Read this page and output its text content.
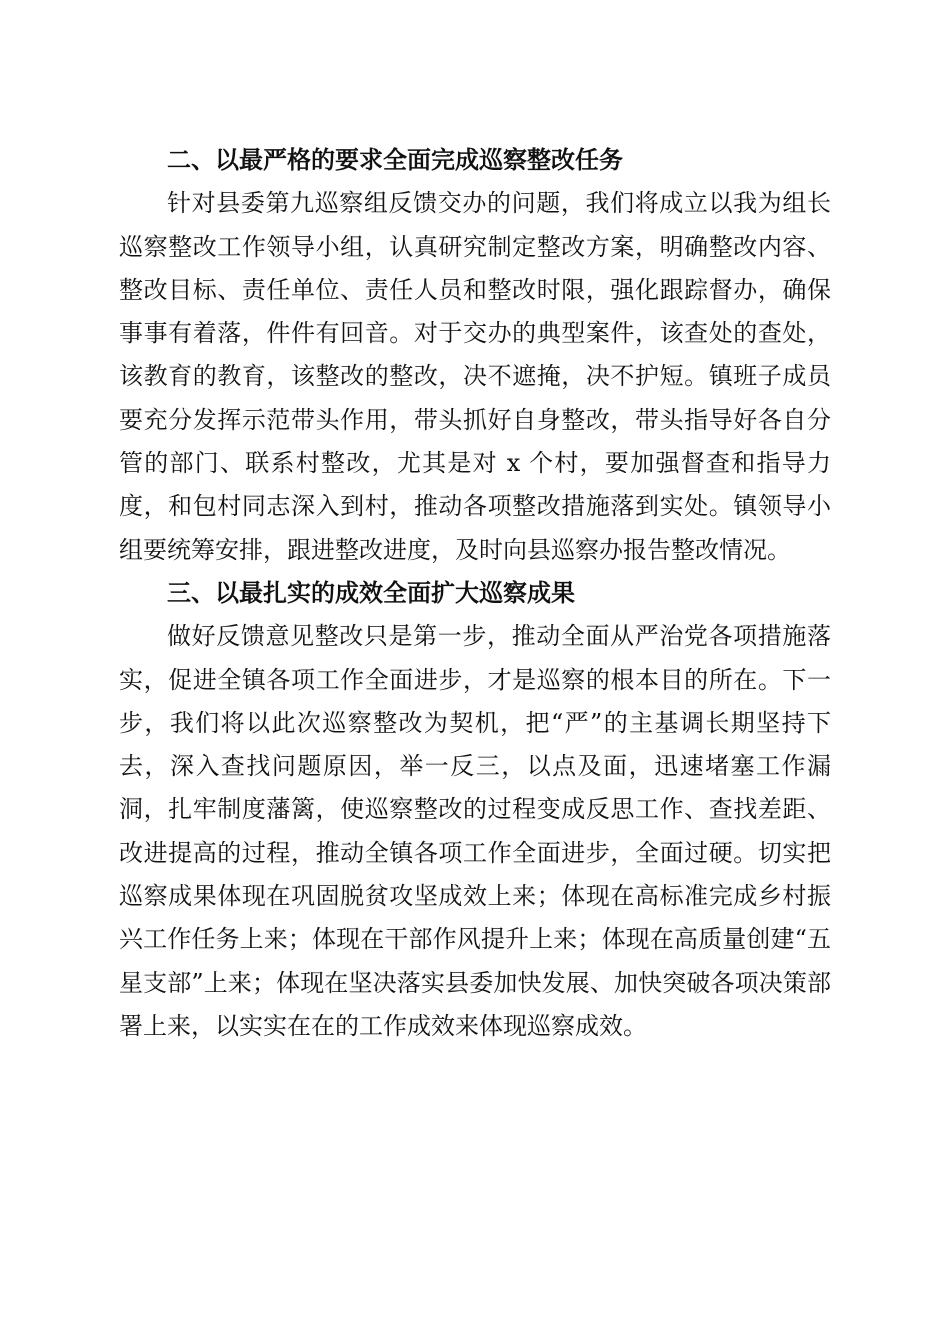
二、以最严格的要求全面完成巡察整改任务
针对县委第九巡察组反馈交办的问题，我们将成立以我为组长巡察整改工作领导小组，认真研究制定整改方案，明确整改内容、整改目标、责任单位、责任人员和整改时限，强化跟踪督办，确保事事有着落，件件有回音。对于交办的典型案件，该查处的查处，该教育的教育，该整改的整改，决不遮掩，决不护短。镇班子成员要充分发挥示范带头作用，带头抓好自身整改，带头指导好各自分管的部门、联系村整改，尤其是对 x 个村，要加强督查和指导力度，和包村同志深入到村，推动各项整改措施落到实处。镇领导小组要统筹安排，跟进整改进度，及时向县巡察办报告整改情况。
三、以最扎实的成效全面扩大巡察成果
做好反馈意见整改只是第一步，推动全面从严治党各项措施落实，促进全镇各项工作全面进步，才是巡察的根本目的所在。下一步，我们将以此次巡察整改为契机，把“严”的主基调长期坚持下去，深入查找问题原因，举一反三，以点及面，迅速堵塞工作漏洞，扎牢制度藩篱，使巡察整改的过程变成反思工作、查找差距、改进提高的过程，推动全镇各项工作全面进步，全面过硬。切实把巡察成果体现在巩固脱贫攻坚成效上来；体现在高标准完成乡村振兴工作任务上来；体现在干部作风提升上来；体现在高质量创建“五星支部”上来；体现在坚决落实县委加快发展、加快突破各项决策部署上来，以实实在在的工作成效来体现巡察成效。
